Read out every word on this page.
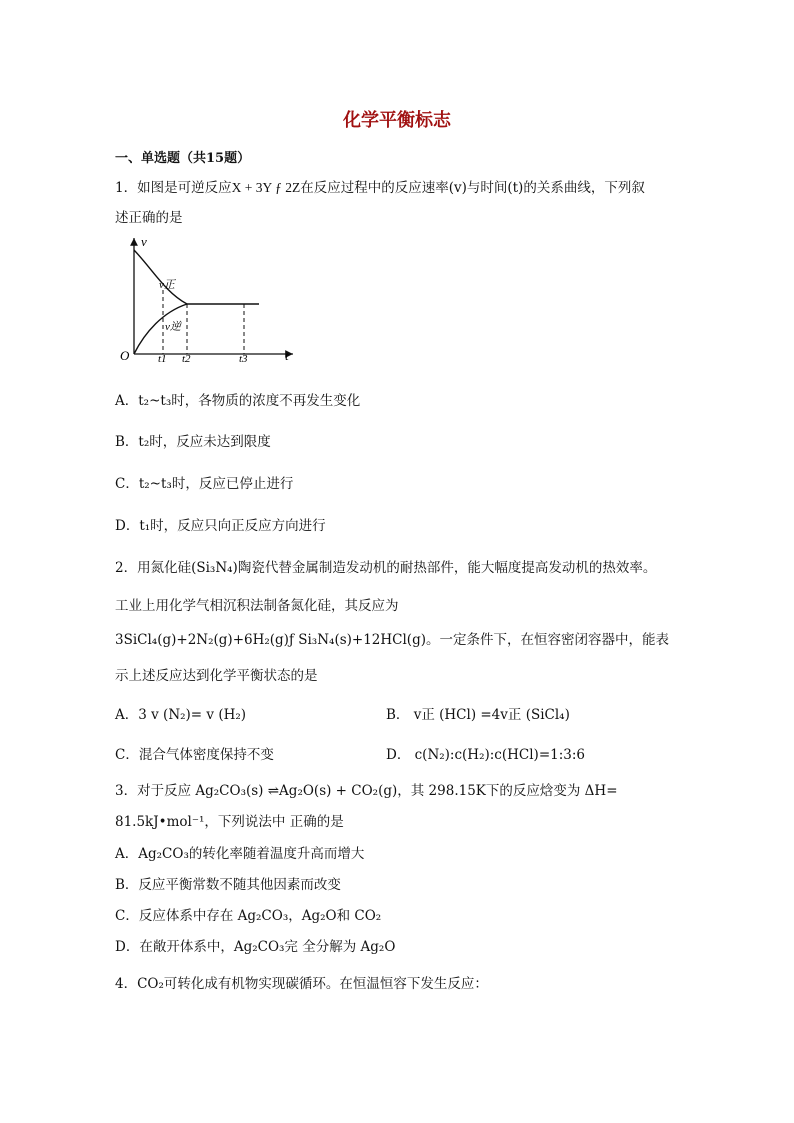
化学平衡标志
一、单选题（共15题）
1．如图是可逆反应X + 3Y ƒ 2Z在反应过程中的反应速率(v)与时间(t)的关系曲线，下列叙
述正确的是
v
t
O
v正
v逆
t1 t2	t3
A．t₂~t₃时，各物质的浓度不再发生变化
B．t₂时，反应未达到限度
C．t₂~t₃时，反应已停止进行
D．t₁时，反应只向正反应方向进行
2．用氮化硅(Si₃N₄)陶瓷代替金属制造发动机的耐热部件，能大幅度提高发动机的热效率。
工业上用化学气相沉积法制备氮化硅，其反应为
3SiCl₄(g)+2N₂(g)+6H₂(g)ƒ Si₃N₄(s)+12HCl(g)。一定条件下，在恒容密闭容器中，能表
示上述反应达到化学平衡状态的是
A．3 v (N₂)= v (H₂)	B． v正 (HCl) =4v正 (SiCl₄)
C．混合气体密度保持不变	D． c(N₂):c(H₂):c(HCl)=1:3:6
3．对于反应 Ag₂CO₃(s) ⇌Ag₂O(s) + CO₂(g)，其 298.15K下的反应焓变为 ΔH=
81.5kJ•mol⁻¹，下列说法中 正确的是
A．Ag₂CO₃的转化率随着温度升高而增大
B．反应平衡常数不随其他因素而改变
C．反应体系中存在 Ag₂CO₃，Ag₂O和 CO₂
D．在敞开体系中，Ag₂CO₃完 全分解为 Ag₂O
4．CO₂可转化成有机物实现碳循环。在恒温恒容下发生反应：
